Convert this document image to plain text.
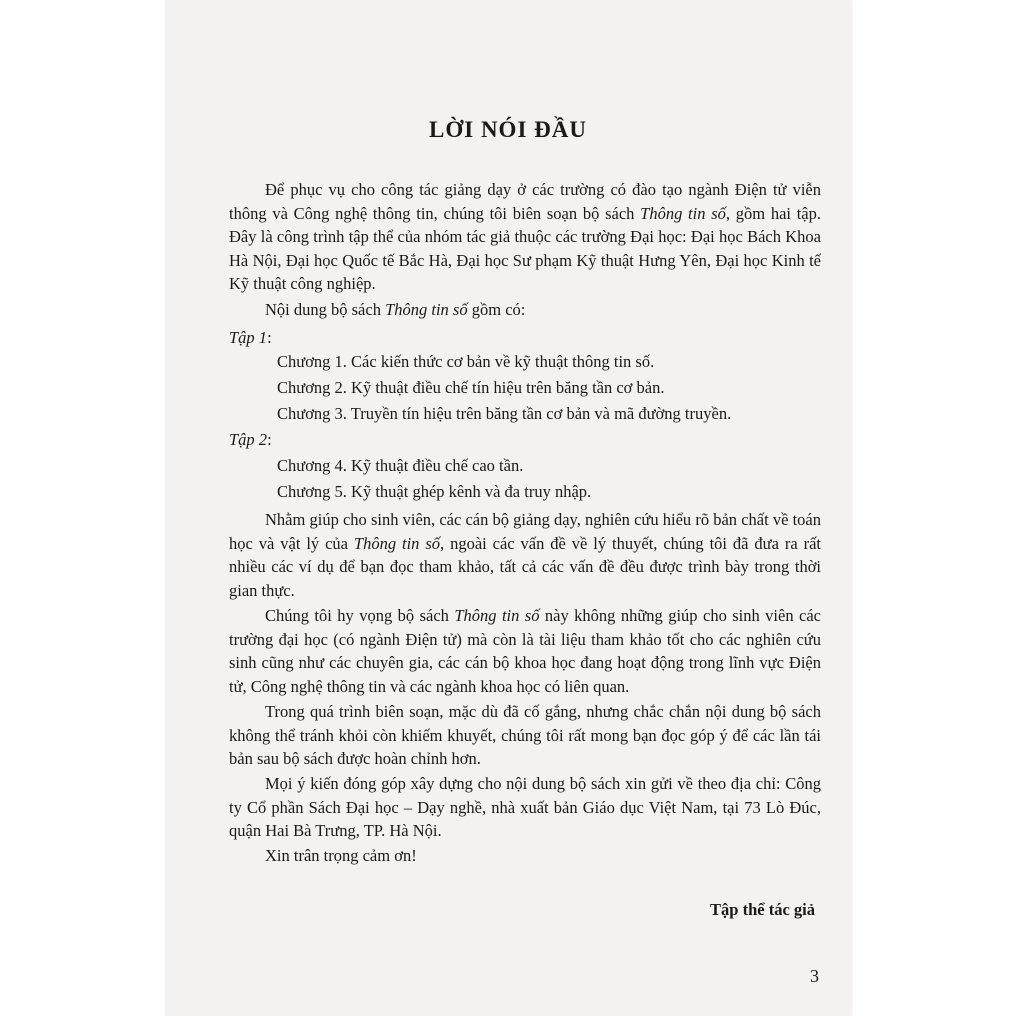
LỜI NÓI ĐẦU

Để phục vụ cho công tác giảng dạy ở các trường có đào tạo ngành Điện tử viễn thông và Công nghệ thông tin, chúng tôi biên soạn bộ sách Thông tin số, gồm hai tập. Đây là công trình tập thể của nhóm tác giả thuộc các trường Đại học: Đại học Bách Khoa Hà Nội, Đại học Quốc tế Bắc Hà, Đại học Sư phạm Kỹ thuật Hưng Yên, Đại học Kinh tế Kỹ thuật công nghiệp.

Nội dung bộ sách Thông tin số gồm có:
Tập 1:
Chương 1. Các kiến thức cơ bản về kỹ thuật thông tin số.
Chương 2. Kỹ thuật điều chế tín hiệu trên băng tần cơ bản.
Chương 3. Truyền tín hiệu trên băng tần cơ bản và mã đường truyền.
Tập 2:
Chương 4. Kỹ thuật điều chế cao tần.
Chương 5. Kỹ thuật ghép kênh và đa truy nhập.

Nhằm giúp cho sinh viên, các cán bộ giảng dạy, nghiên cứu hiểu rõ bản chất về toán học và vật lý của Thông tin số, ngoài các vấn đề về lý thuyết, chúng tôi đã đưa ra rất nhiều các ví dụ để bạn đọc tham khảo, tất cả các vấn đề đều được trình bày trong thời gian thực.

Chúng tôi hy vọng bộ sách Thông tin số này không những giúp cho sinh viên các trường đại học (có ngành Điện tử) mà còn là tài liệu tham khảo tốt cho các nghiên cứu sinh cũng như các chuyên gia, các cán bộ khoa học đang hoạt động trong lĩnh vực Điện tử, Công nghệ thông tin và các ngành khoa học có liên quan.

Trong quá trình biên soạn, mặc dù đã cố gắng, nhưng chắc chắn nội dung bộ sách không thể tránh khỏi còn khiếm khuyết, chúng tôi rất mong bạn đọc góp ý để các lần tái bản sau bộ sách được hoàn chỉnh hơn.

Mọi ý kiến đóng góp xây dựng cho nội dung bộ sách xin gửi về theo địa chỉ: Công ty Cổ phần Sách Đại học – Dạy nghề, nhà xuất bản Giáo dục Việt Nam, tại 73 Lò Đúc, quận Hai Bà Trưng, TP. Hà Nội.

Xin trân trọng cảm ơn!
Tập thể tác giả
3
